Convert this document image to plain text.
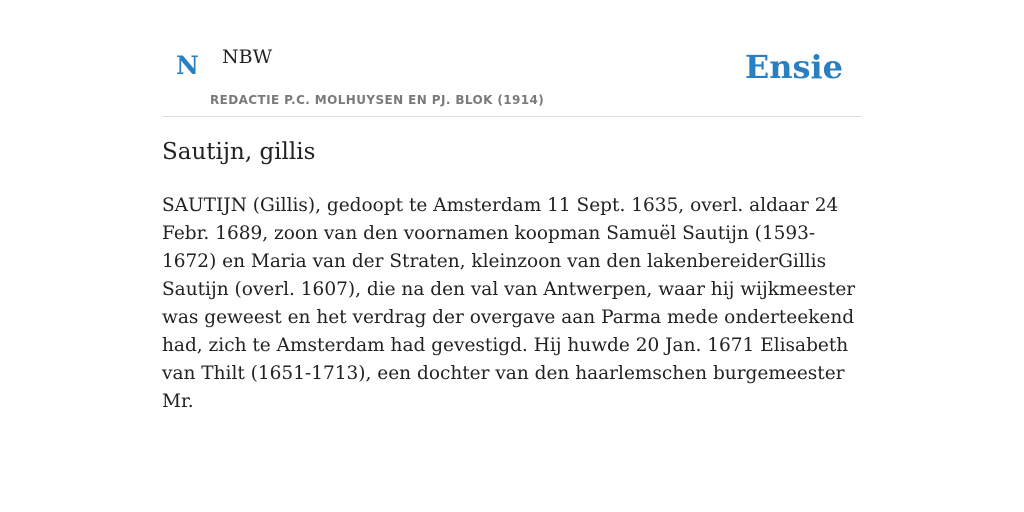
N NBW
REDACTIE P.C. MOLHUYSEN EN PJ. BLOK (1914)
Ensie
Sautijn, gillis

SAUTIJN (Gillis), gedoopt te Amsterdam 11 Sept. 1635, overl. aldaar 24 Febr. 1689, zoon van den voornamen koopman Samuël Sautijn (1593-1672) en Maria van der Straten, kleinzoon van den lakenbereiderGillis Sautijn (overl. 1607), die na den val van Antwerpen, waar hij wijkmeester was geweest en het verdrag der overgave aan Parma mede onderteekend had, zich te Amsterdam had gevestigd. Hij huwde 20 Jan. 1671 Elisabeth van Thilt (1651-1713), een dochter van den haarlemschen burgemeester Mr.
